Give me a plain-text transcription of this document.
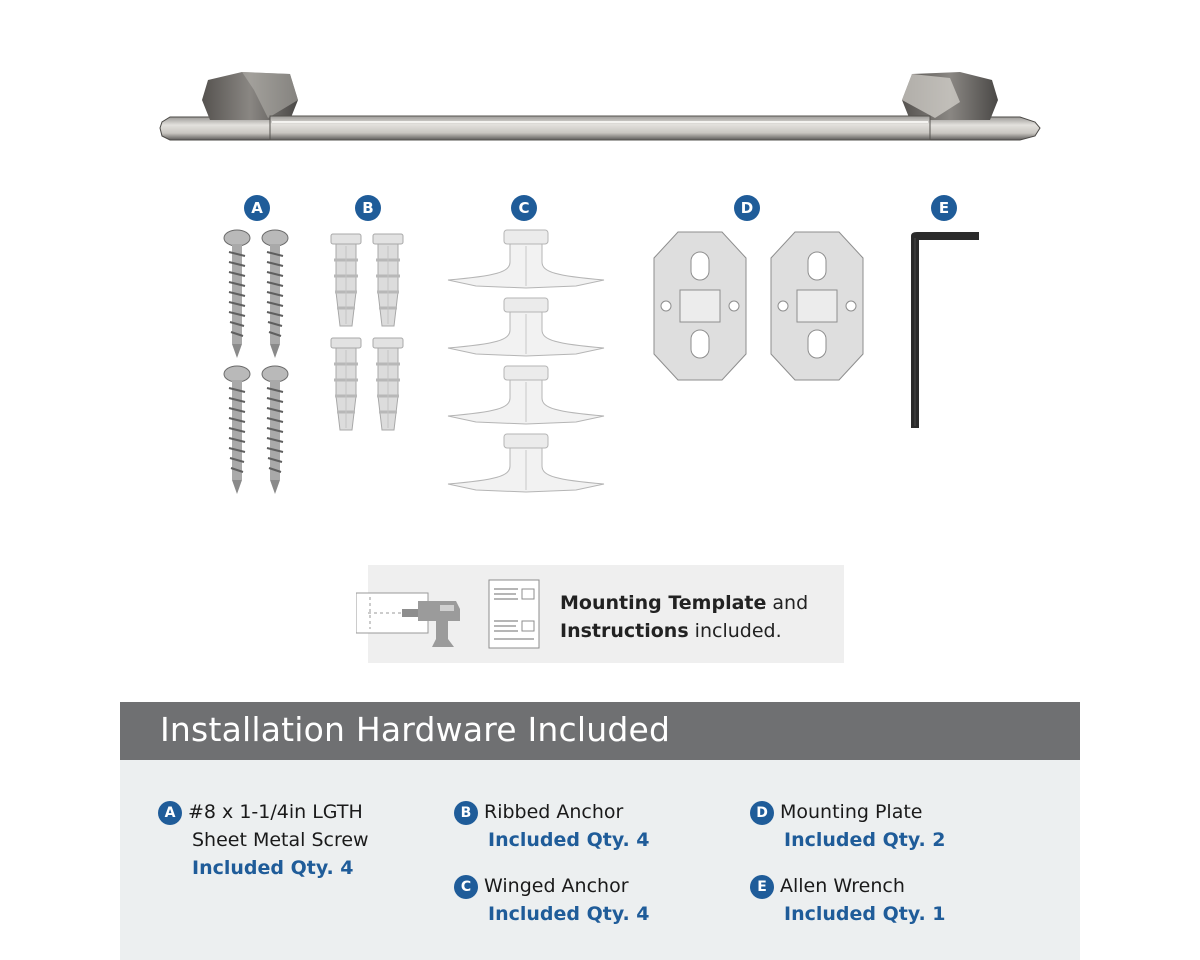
A	B	C	D	E
Mounting Template and
Instructions included.
Installation Hardware Included
A #8 x 1-1/4in LGTH
Sheet Metal Screw
Included Qty. 4
B Ribbed Anchor
Included Qty. 4
C Winged Anchor
Included Qty. 4
D Mounting Plate
Included Qty. 2
E Allen Wrench
Included Qty. 1
